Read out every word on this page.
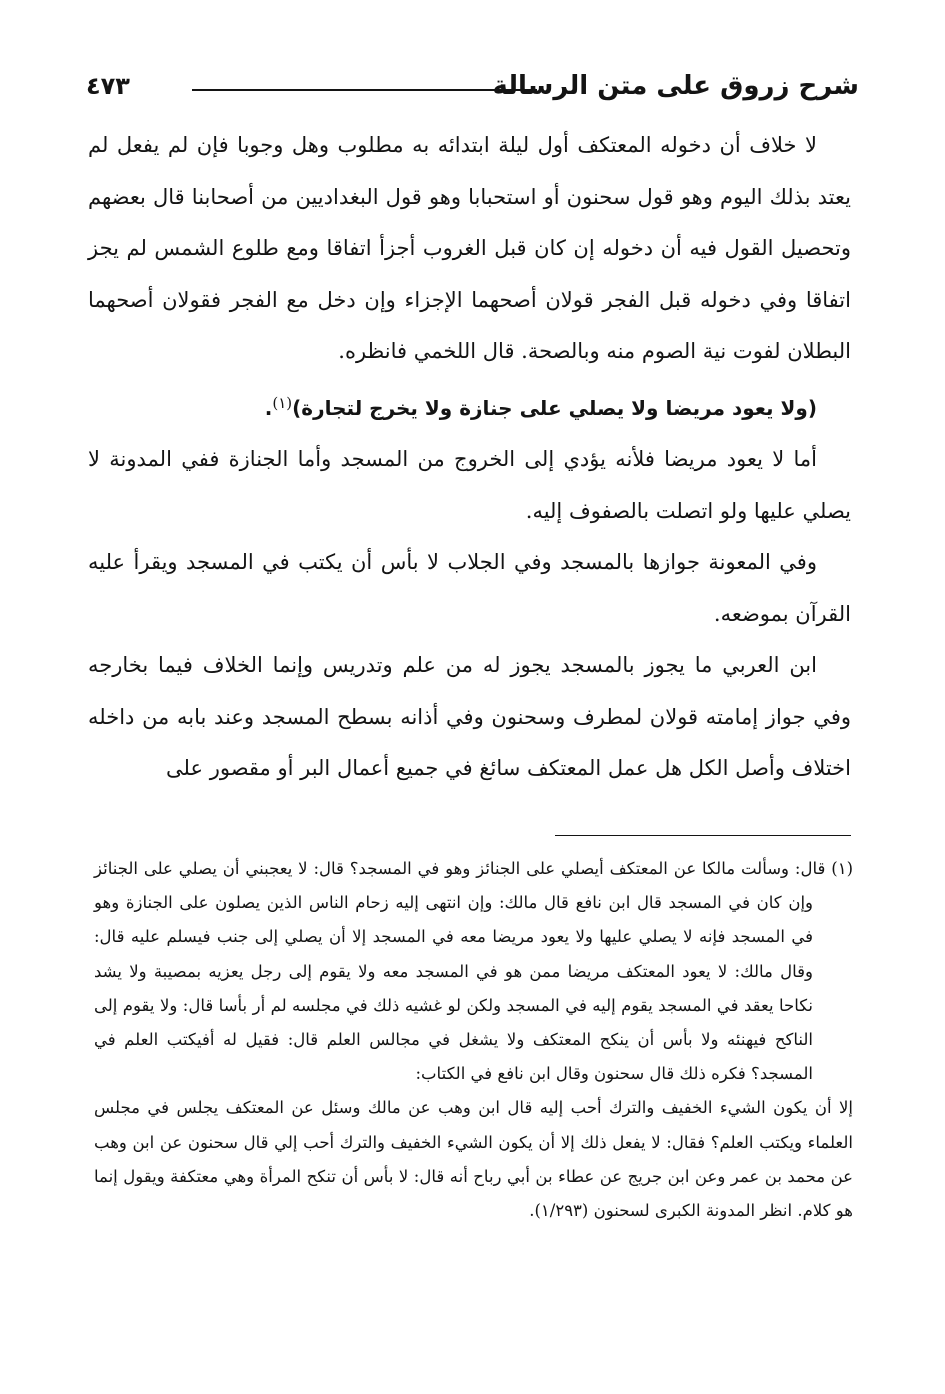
شرح زروق على متن الرسالة
٤٧٣

لا خلاف أن دخوله المعتكف أول ليلة ابتدائه به مطلوب وهل وجوبا فإن لم يفعل لم يعتد بذلك اليوم وهو قول سحنون أو استحبابا وهو قول البغداديين من أصحابنا قال بعضهم وتحصيل القول فيه أن دخوله إن كان قبل الغروب أجزأ اتفاقا ومع طلوع الشمس لم يجز اتفاقا وفي دخوله قبل الفجر قولان أصحهما الإجزاء وإن دخل مع الفجر فقولان أصحهما البطلان لفوت نية الصوم منه وبالصحة. قال اللخمي فانظره.

(ولا يعود مريضا ولا يصلي على جنازة ولا يخرج لتجارة)$^{(١)}$.

أما لا يعود مريضا فلأنه يؤدي إلى الخروج من المسجد وأما الجنازة ففي المدونة لا يصلي عليها ولو اتصلت بالصفوف إليه.

وفي المعونة جوازها بالمسجد وفي الجلاب لا بأس أن يكتب في المسجد ويقرأ عليه القرآن بموضعه.

ابن العربي ما يجوز بالمسجد يجوز له من علم وتدريس وإنما الخلاف فيما بخارجه وفي جواز إمامته قولان لمطرف وسحنون وفي أذانه بسطح المسجد وعند بابه من داخله اختلاف وأصل الكل هل عمل المعتكف سائغ في جميع أعمال البر أو مقصور على

(١) قال: وسألت مالكا عن المعتكف أيصلي على الجنائز وهو في المسجد؟ قال: لا يعجبني أن يصلي على الجنائز وإن كان في المسجد قال ابن نافع قال مالك: وإن انتهى إليه زحام الناس الذين يصلون على الجنازة وهو في المسجد فإنه لا يصلي عليها ولا يعود مريضا معه في المسجد إلا أن يصلي إلى جنب فيسلم عليه قال: وقال مالك: لا يعود المعتكف مريضا ممن هو في المسجد معه ولا يقوم إلى رجل يعزيه بمصيبة ولا يشد نكاحا يعقد في المسجد يقوم إليه في المسجد ولكن لو غشيه ذلك في مجلسه لم أر بأسا قال: ولا يقوم إلى الناكح فيهنئه ولا بأس أن ينكح المعتكف ولا يشغل في مجالس العلم قال: فقيل له أفيكتب العلم في المسجد؟ فكره ذلك قال سحنون وقال ابن نافع في الكتاب:

إلا أن يكون الشيء الخفيف والترك أحب إليه قال ابن وهب عن مالك وسئل عن المعتكف يجلس في مجلس العلماء ويكتب العلم؟ فقال: لا يفعل ذلك إلا أن يكون الشيء الخفيف والترك أحب إلي قال سحنون عن ابن وهب عن محمد بن عمر وعن ابن جريج عن عطاء بن أبي رباح أنه قال: لا بأس أن تنكح المرأة وهي معتكفة ويقول إنما هو كلام. انظر المدونة الكبرى لسحنون (١/٢٩٣).
